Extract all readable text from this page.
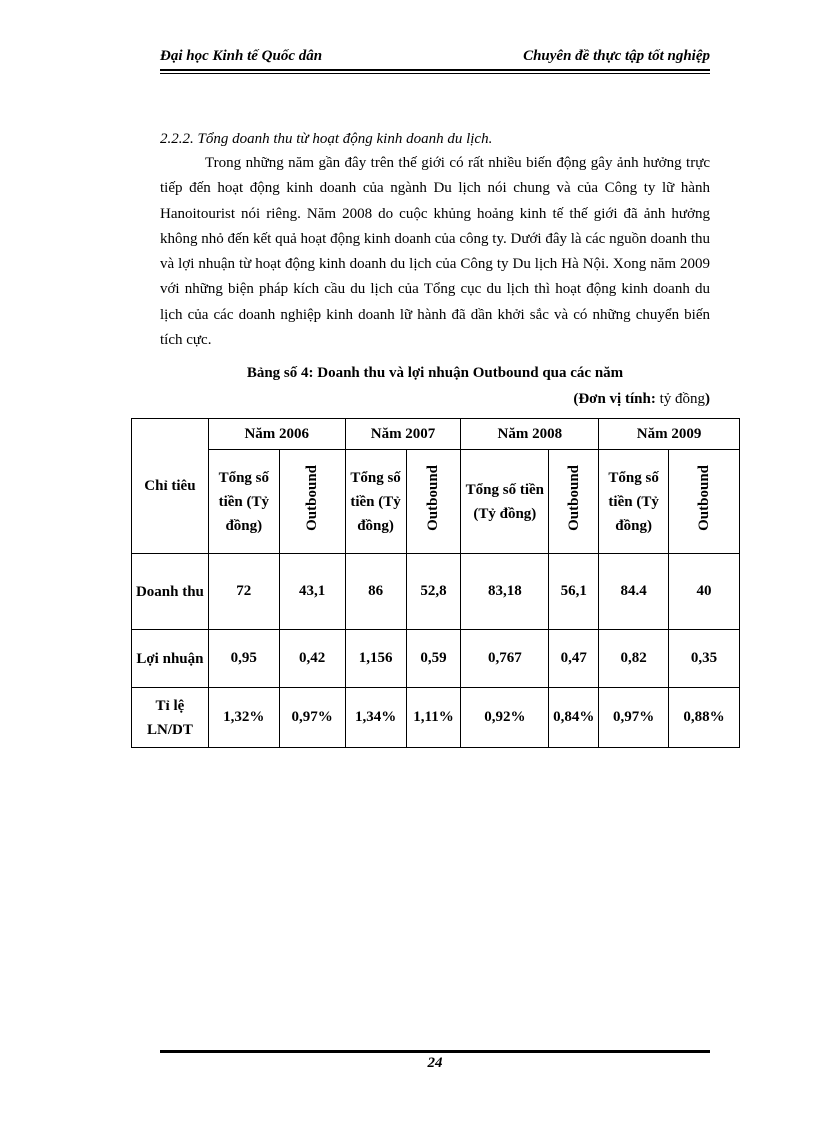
Đại học Kinh tế Quốc dân	Chuyên đề thực tập tốt nghiệp
2.2.2. Tổng doanh thu từ hoạt động kinh doanh du lịch.

Trong những năm gần đây trên thế giới có rất nhiều biến động gây ảnh hưởng trực tiếp đến hoạt động kinh doanh của ngành Du lịch nói chung và của Công ty lữ hành Hanoitourist nói riêng. Năm 2008 do cuộc khủng hoảng kinh tế thế giới đã ảnh hưởng không nhỏ đến kết quả hoạt động kinh doanh của công ty. Dưới đây là các nguồn doanh thu và lợi nhuận từ hoạt động kinh doanh du lịch của Công ty Du lịch Hà Nội. Xong năm 2009 với những biện pháp kích cầu du lịch của Tổng cục du lịch thì hoạt động kinh doanh du lịch của các doanh nghiệp kinh doanh lữ hành đã dần khởi sắc và có những chuyển biến tích cực.

Bảng số 4: Doanh thu và lợi nhuận Outbound qua các năm
(Đơn vị tính: tỷ đồng)
Chỉ tiêu	Năm 2006		Năm 2007		Năm 2008		Năm 2009	
	Tổng số tiền (Tỷ đồng)	Outbound	Tổng số tiền (Tỷ đồng)	Outbound	Tổng số tiền (Tỷ đồng)	Outbound	Tổng số tiền (Tỷ đồng)	Outbound
Doanh thu	72	43,1	86	52,8	83,18	56,1	84.4	40
Lợi nhuận	0,95	0,42	1,156	0,59	0,767	0,47	0,82	0,35
Tỉ lệ LN/DT	1,32%	0,97%	1,34%	1,11%	0,92%	0,84%	0,97%	0,88%
24
